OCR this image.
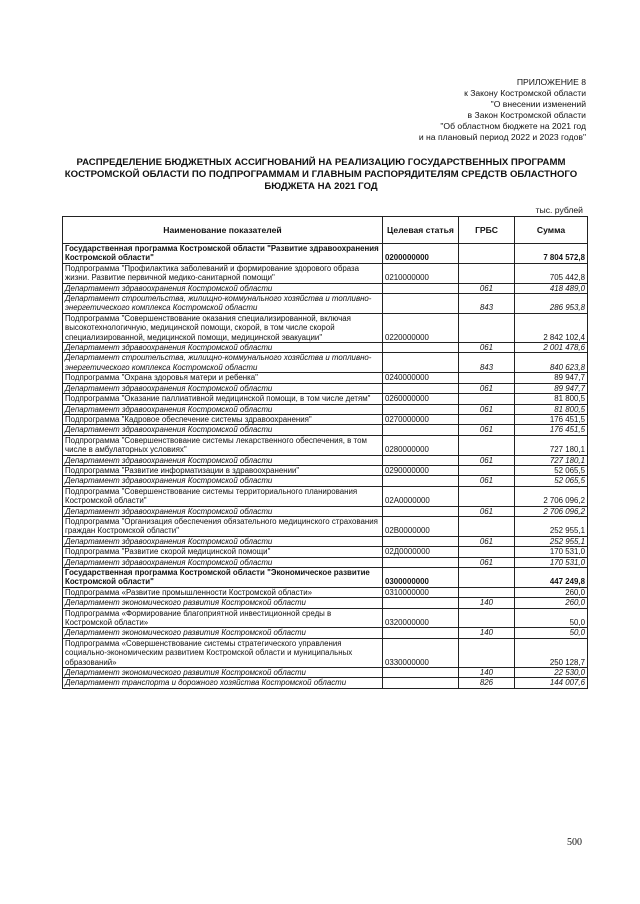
ПРИЛОЖЕНИЕ 8
к Закону Костромской области
"О внесении изменений
в Закон Костромской области
"Об областном бюджете на 2021 год
и на плановый период 2022 и 2023 годов"
РАСПРЕДЕЛЕНИЕ БЮДЖЕТНЫХ АССИГНОВАНИЙ НА РЕАЛИЗАЦИЮ ГОСУДАРСТВЕННЫХ ПРОГРАММ КОСТРОМСКОЙ ОБЛАСТИ ПО ПОДПРОГРАММАМ И ГЛАВНЫМ РАСПОРЯДИТЕЛЯМ СРЕДСТВ ОБЛАСТНОГО БЮДЖЕТА НА 2021 ГОД
тыс. рублей
Наименование показателей	Целевая статья	ГРБС	Сумма
Государственная программа Костромской области "Развитие здравоохранения Костромской области"	0200000000		7 804 572,8
Подпрограмма "Профилактика заболеваний и формирование здорового образа жизни. Развитие первичной медико-санитарной помощи"	0210000000		705 442,8
Департамент здравоохранения Костромской области		061	418 489,0
Департамент строительства, жилищно-коммунального хозяйства и топливно-энергетического комплекса Костромской области		843	286 953,8
Подпрограмма "Совершенствование оказания специализированной, включая высокотехнологичную, медицинской помощи, скорой, в том числе скорой специализированной, медицинской помощи, медицинской эвакуации"	0220000000		2 842 102,4
Департамент здравоохранения Костромской области		061	2 001 478,6
Департамент строительства, жилищно-коммунального хозяйства и топливно-энергетического комплекса Костромской области		843	840 623,8
Подпрограмма "Охрана здоровья матери и ребенка"	0240000000		89 947,7
Департамент здравоохранения Костромской области		061	89 947,7
Подпрограмма "Оказание паллиативной медицинской помощи, в том числе детям"	0260000000		81 800,5
Департамент здравоохранения Костромской области		061	81 800,5
Подпрограмма "Кадровое обеспечение системы здравоохранения"	0270000000		176 451,5
Департамент здравоохранения Костромской области		061	176 451,5
Подпрограмма "Совершенствование системы лекарственного обеспечения, в том числе в амбулаторных условиях"	0280000000		727 180,1
Департамент здравоохранения Костромской области		061	727 180,1
Подпрограмма "Развитие информатизации в здравоохранении"	0290000000		52 065,5
Департамент здравоохранения Костромской области		061	52 065,5
Подпрограмма "Совершенствование системы территориального планирования Костромской области"	02А0000000		2 706 096,2
Департамент здравоохранения Костромской области		061	2 706 096,2
Подпрограмма "Организация обеспечения обязательного медицинского страхования граждан Костромской области"	02В0000000		252 955,1
Департамент здравоохранения Костромской области		061	252 955,1
Подпрограмма "Развитие скорой медицинской помощи"	02Д0000000		170 531,0
Департамент здравоохранения Костромской области		061	170 531,0
Государственная программа Костромской области "Экономическое развитие Костромской области"	0300000000		447 249,8
Подпрограмма «Развитие промышленности Костромской области»	0310000000		260,0
Департамент экономического развития Костромской области		140	260,0
Подпрограмма «Формирование благоприятной инвестиционной среды в Костромской области»	0320000000		50,0
Департамент экономического развития Костромской области		140	50,0
Подпрограмма «Совершенствование системы стратегического управления социально-экономическим развитием Костромской области и муниципальных образований»	0330000000		250 128,7
Департамент экономического развития Костромской области		140	22 530,0
Департамент транспорта и дорожного хозяйства Костромской области		826	144 007,6
500
